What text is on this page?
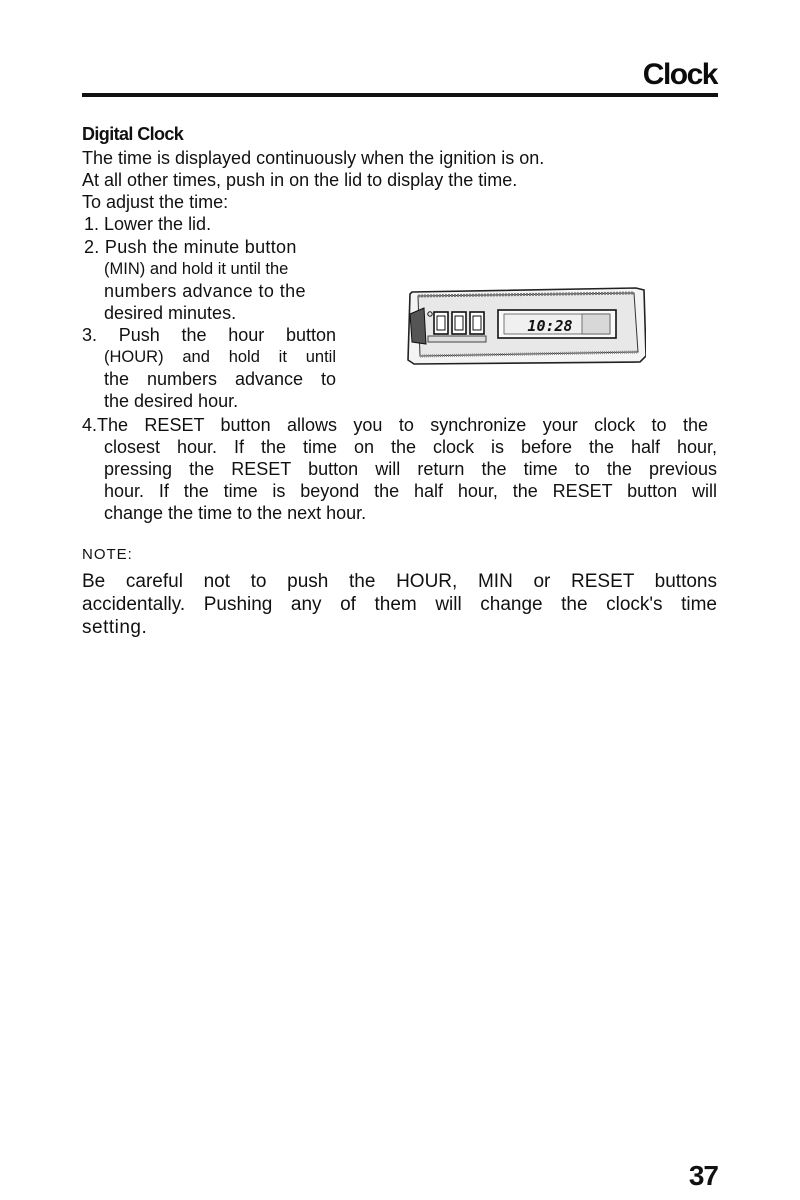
Clock
Digital Clock
The time is displayed continuously when the ignition is on.
At all other times, push in on the lid to display the time.
To adjust the time:
1. Lower the lid.
2. Push the minute button
(MIN) and hold it until the
numbers advance to the
desired minutes.
3. Push the hour button
(HOUR) and hold it until
the numbers advance to
the desired hour.
10:28
4.The RESET button allows you to synchronize your clock to the
closest hour. If the time on the clock is before the half hour,
pressing the RESET button will return the time to the previous
hour. If the time is beyond the half hour, the RESET button will
change the time to the next hour.
NOTE:
Be careful not to push the HOUR, MIN or RESET buttons
accidentally. Pushing any of them will change the clock's time
setting.
37
